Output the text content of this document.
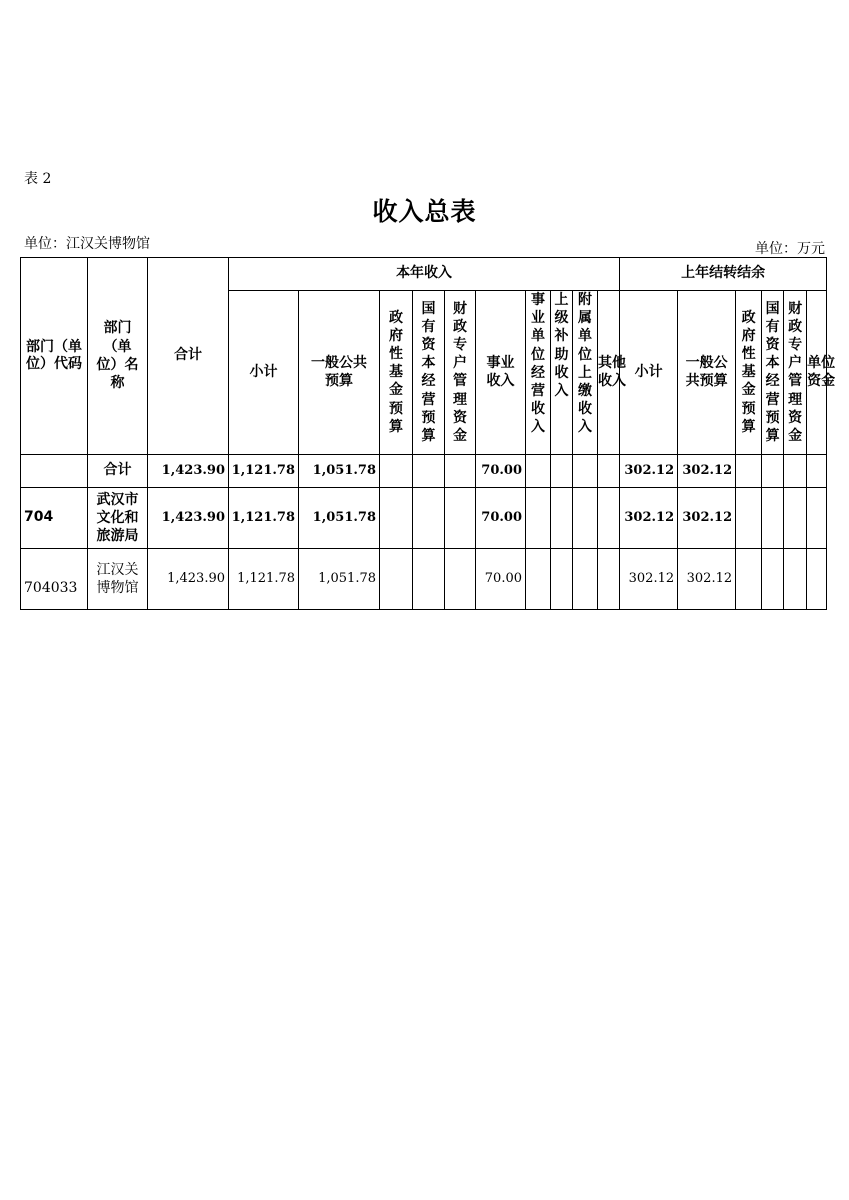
表 2
收入总表
单位：江汉关博物馆	单位：万元
部门（单位）代码	部门（单位）名称	合计	本年收入										上年结转结余					
			小计	一般公共预算	政府性基金预算	国有资本经营预算	财政专户管理资金	事业收入	事业单位经营收入	上级补助收入	附属单位上缴收入	其他收入	小计	一般公共预算	政府性基金预算	国有资本经营预算	财政专户管理资金	单位资金
	合计	1,423.90	1,121.78	1,051.78				70.00					302.12	302.12				
704	武汉市文化和旅游局	1,423.90	1,121.78	1,051.78				70.00					302.12	302.12				
704033	江汉关博物馆	1,423.90	1,121.78	1,051.78				70.00					302.12	302.12				
